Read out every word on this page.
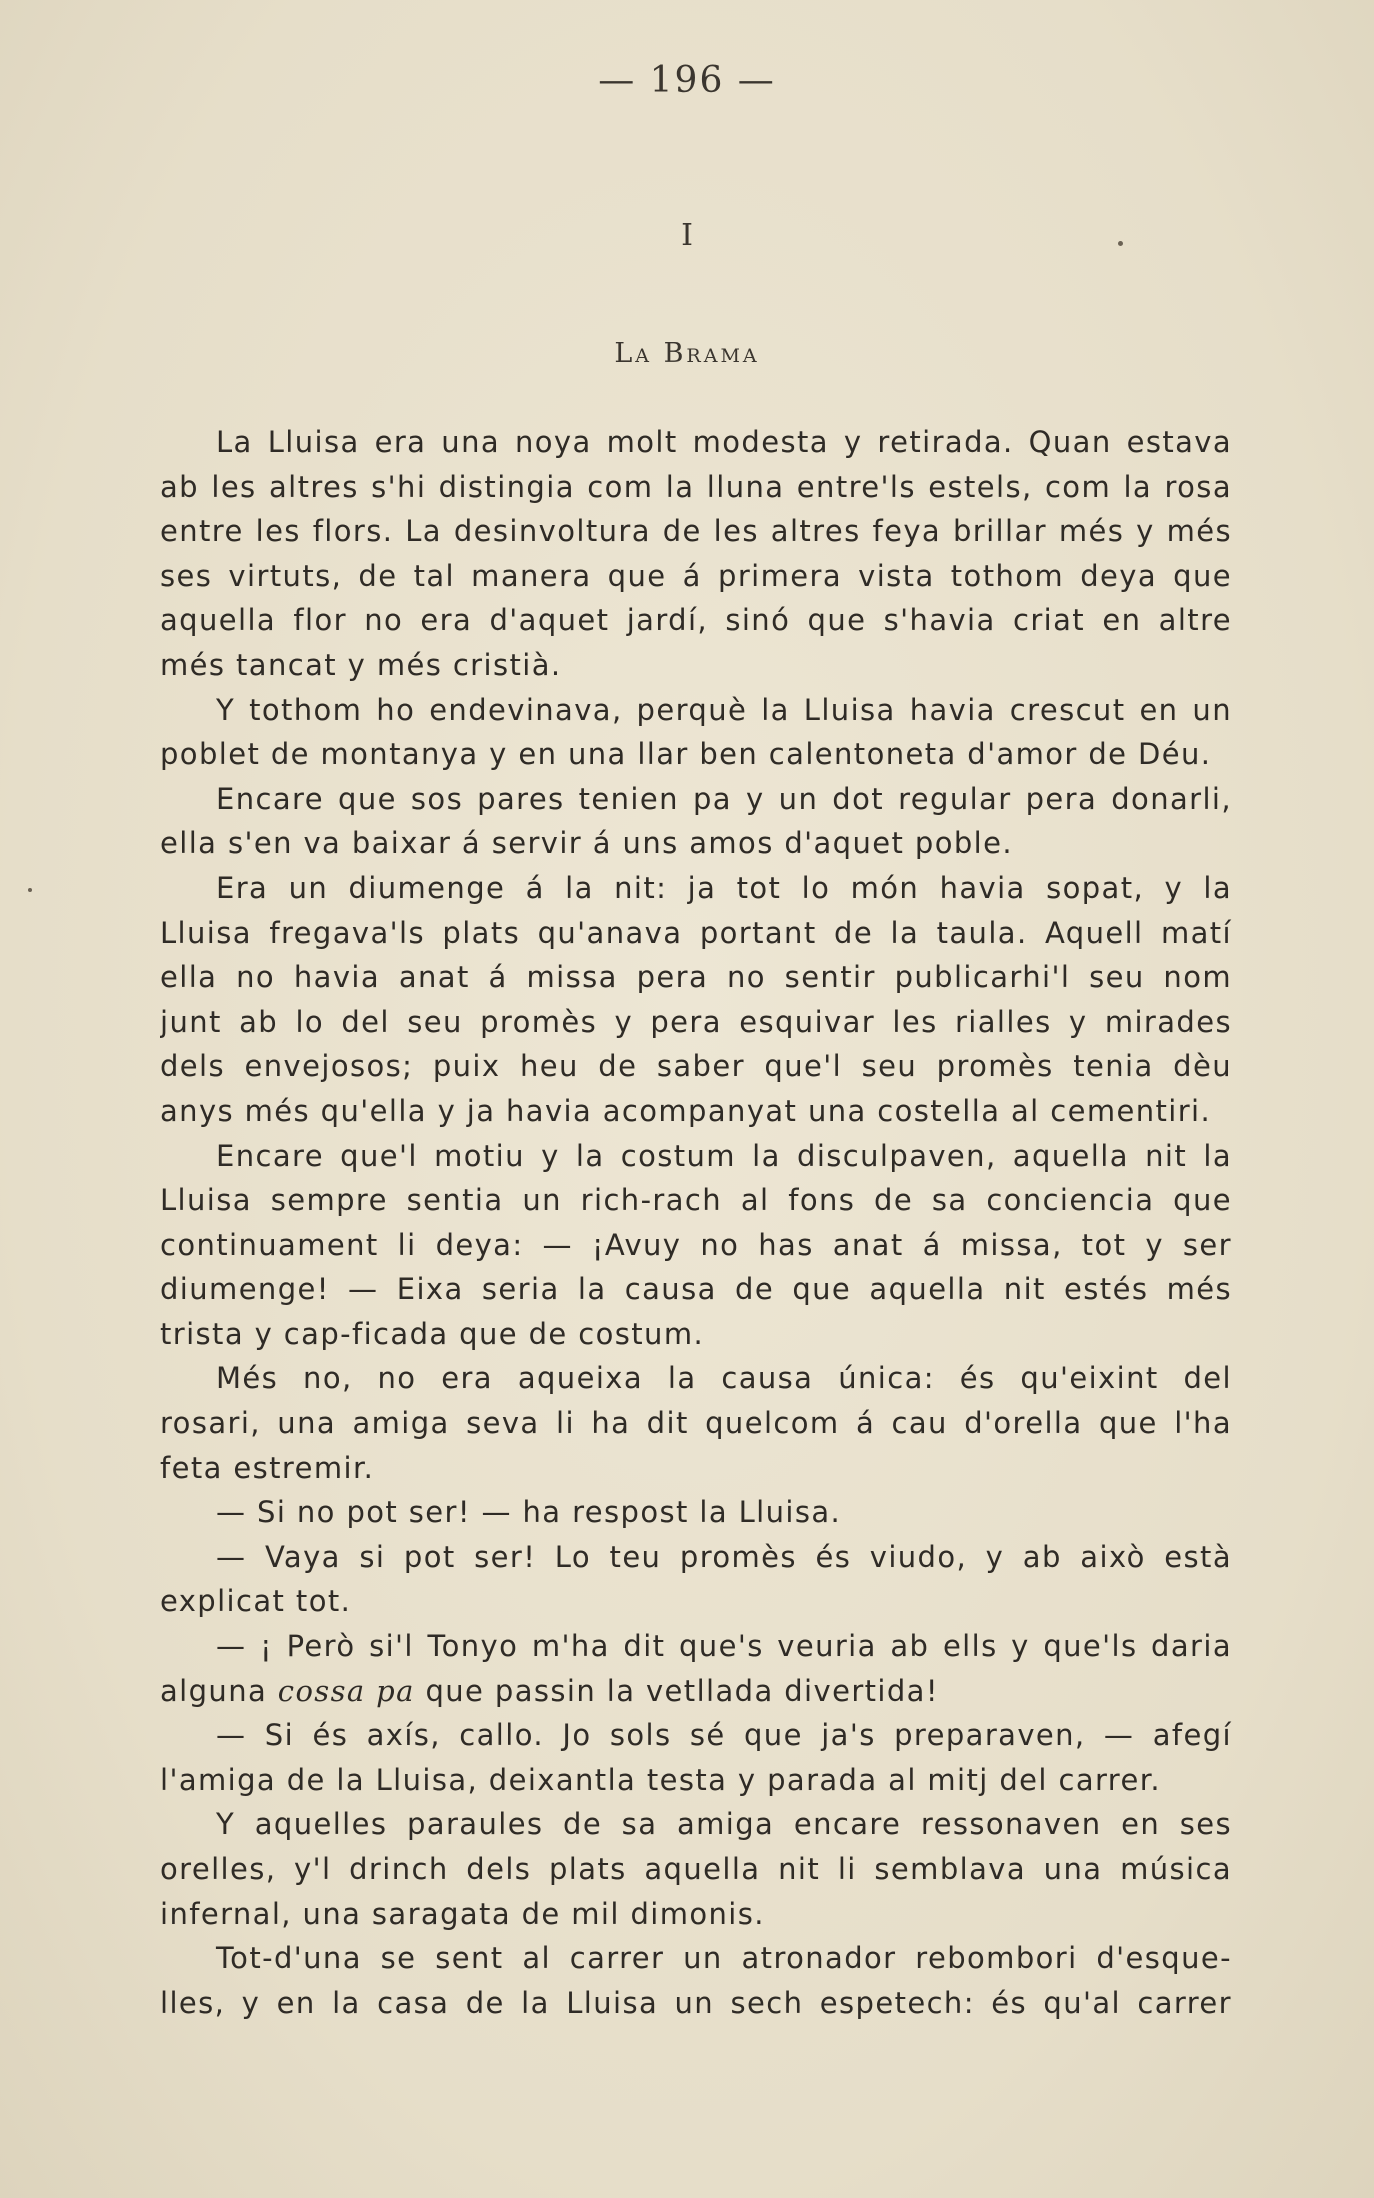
— 196 —
I
La Brama
La Lluisa era una noya molt modesta y retirada. Quan estava
ab les altres s'hi distingia com la lluna entre'ls estels, com la rosa
entre les flors. La desinvoltura de les altres feya brillar més y més
ses virtuts, de tal manera que á primera vista tothom deya que
aquella flor no era d'aquet jardí, sinó que s'havia criat en altre
més tancat y més cristià.
Y tothom ho endevinava, perquè la Lluisa havia crescut en un
poblet de montanya y en una llar ben calentoneta d'amor de Déu.
Encare que sos pares tenien pa y un dot regular pera donarli,
ella s'en va baixar á servir á uns amos d'aquet poble.
Era un diumenge á la nit: ja tot lo món havia sopat, y la
Lluisa fregava'ls plats qu'anava portant de la taula. Aquell matí
ella no havia anat á missa pera no sentir publicarhi'l seu nom
junt ab lo del seu promès y pera esquivar les rialles y mirades
dels envejosos; puix heu de saber que'l seu promès tenia dèu
anys més qu'ella y ja havia acompanyat una costella al cementiri.
Encare que'l motiu y la costum la disculpaven, aquella nit la
Lluisa sempre sentia un rich-rach al fons de sa conciencia que
continuament li deya: — ¡Avuy no has anat á missa, tot y ser
diumenge! — Eixa seria la causa de que aquella nit estés més
trista y cap-ficada que de costum.
Més no, no era aqueixa la causa única: és qu'eixint del
rosari, una amiga seva li ha dit quelcom á cau d'orella que l'ha
feta estremir.
— Si no pot ser! — ha respost la Lluisa.
— Vaya si pot ser! Lo teu promès és viudo, y ab això està
explicat tot.
— ¡ Però si'l Tonyo m'ha dit que's veuria ab ells y que'ls daria
alguna cossa pa que passin la vetllada divertida!
— Si és axís, callo. Jo sols sé que ja's preparaven, — afegí
l'amiga de la Lluisa, deixantla testa y parada al mitj del carrer.
Y aquelles paraules de sa amiga encare ressonaven en ses
orelles, y'l drinch dels plats aquella nit li semblava una música
infernal, una saragata de mil dimonis.
Tot-d'una se sent al carrer un atronador rebombori d'esque-
lles, y en la casa de la Lluisa un sech espetech: és qu'al carrer
